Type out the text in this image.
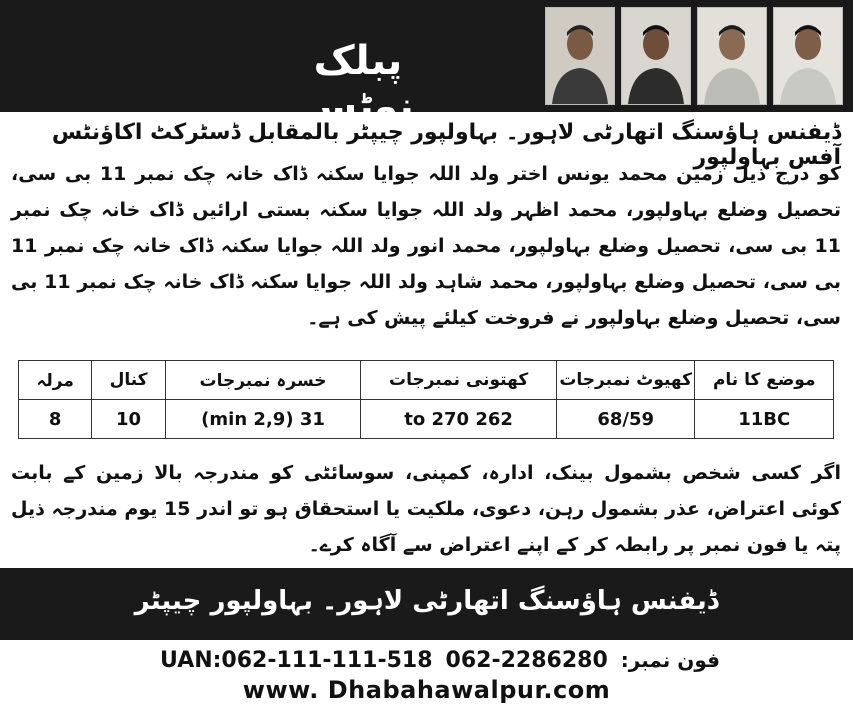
پبلک نوٹس
ڈیفنس ہاؤسنگ اتھارٹی لاہور۔ بہاولپور چیپٹر بالمقابل ڈسٹرکٹ اکاؤنٹس آفس بہاولپور
کو درج ذیل زمین محمد یونس اختر ولد اللہ جوایا سکنہ ڈاک خانہ چک نمبر 11 بی سی، تحصیل وضلع بہاولپور، محمد اظہر ولد اللہ جوایا سکنہ بستی ارائیں ڈاک خانہ چک نمبر 11 بی سی، تحصیل وضلع بہاولپور، محمد انور ولد اللہ جوایا سکنہ ڈاک خانہ چک نمبر 11 بی سی، تحصیل وضلع بہاولپور، محمد شاہد ولد اللہ جوایا سکنہ ڈاک خانہ چک نمبر 11 بی سی، تحصیل وضلع بہاولپور نے فروخت کیلئے پیش کی ہے۔
موضع کا نام	کھیوٹ نمبرجات	کھتونی نمبرجات	خسرہ نمبرجات	کنال	مرلہ
11BC	68/59	262 to 270	31 (2,9 min)	10	8
اگر کسی شخص بشمول بینک، ادارہ، کمپنی، سوسائٹی کو مندرجہ بالا زمین کے بابت کوئی اعتراض، عذر بشمول رہن، دعوی، ملکیت یا استحقاق ہو تو اندر 15 یوم مندرجہ ذیل پتہ یا فون نمبر پر رابطہ کر کے اپنے اعتراض سے آگاہ کرے۔
ڈیفنس ہاؤسنگ اتھارٹی لاہور۔ بہاولپور چیپٹر
UAN:062-111-111-518 062-2286280 فون نمبر:
www. Dhabahawalpur.com
